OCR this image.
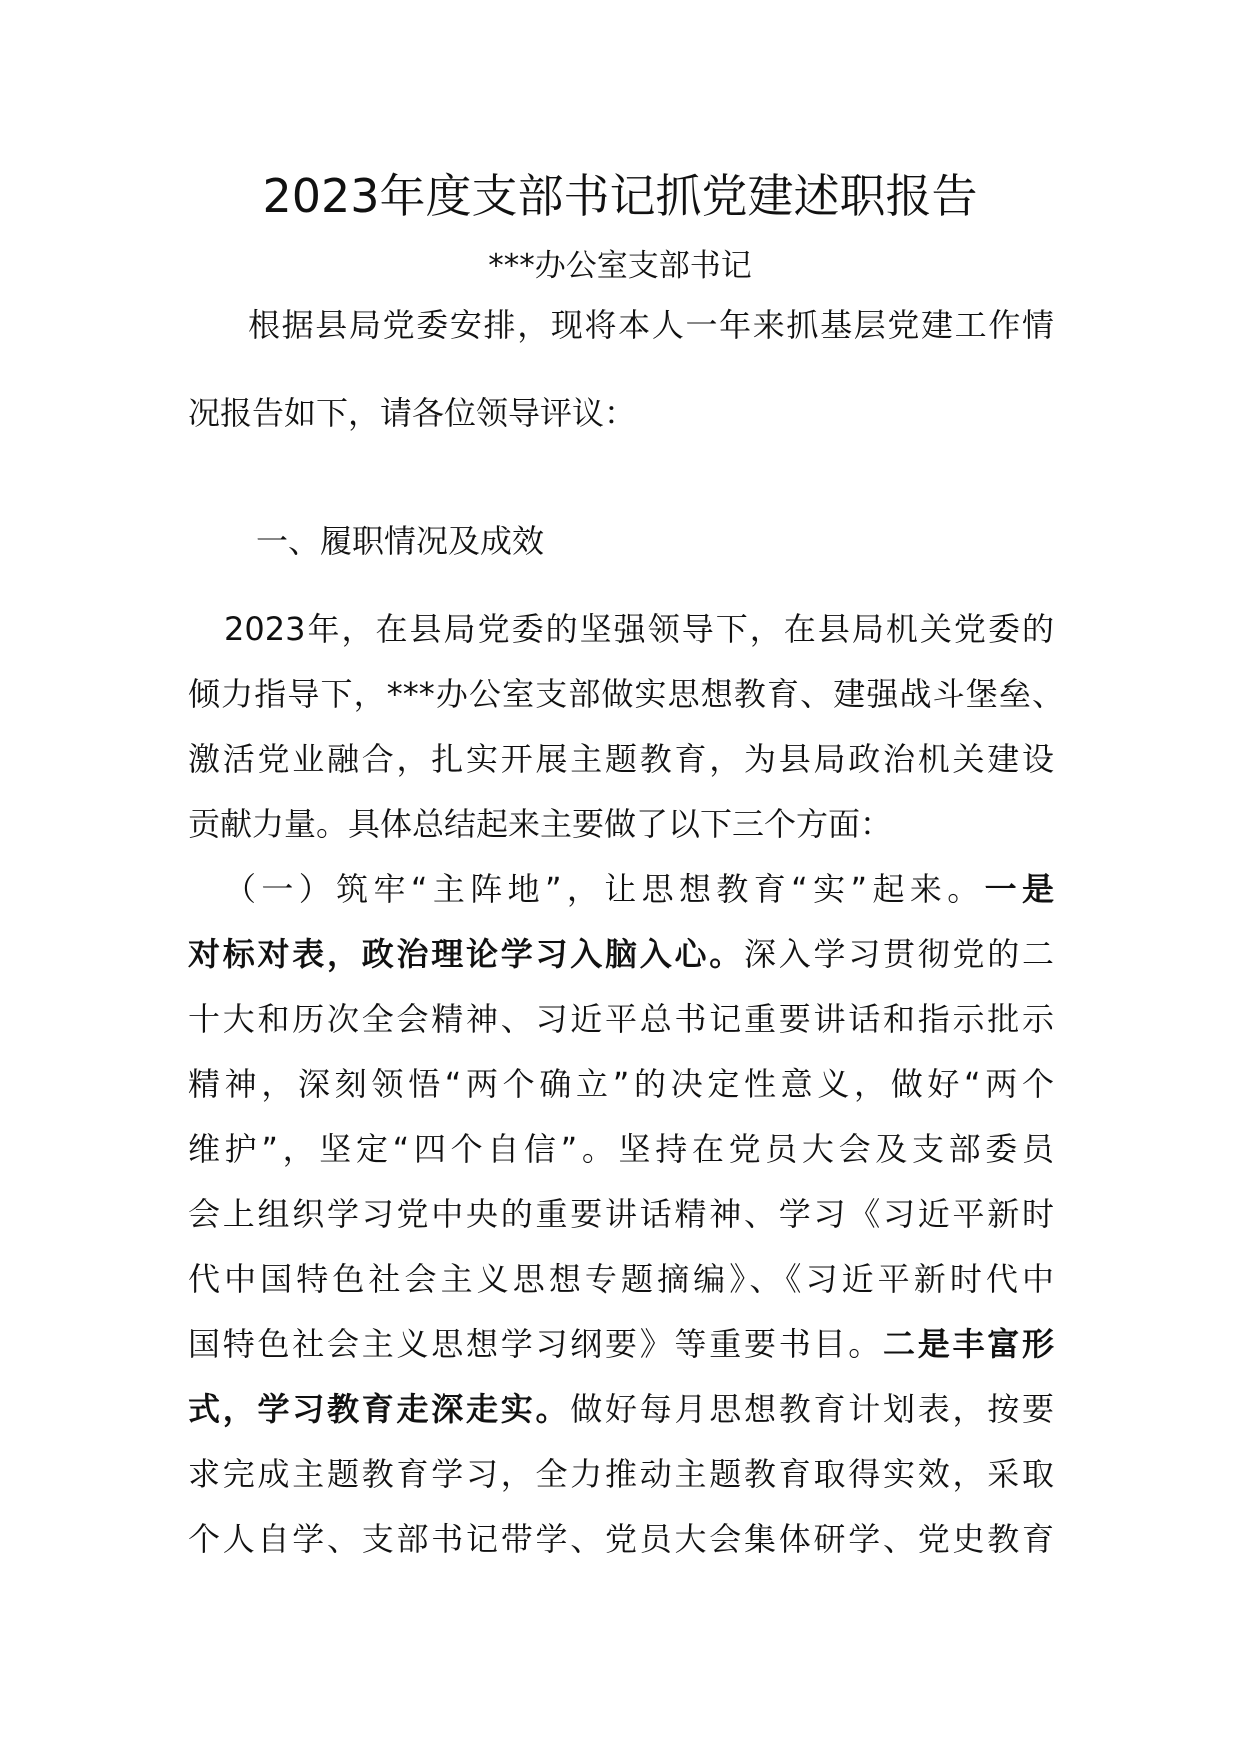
2023年度支部书记抓党建述职报告
***办公室支部书记
根据县局党委安排，现将本人一年来抓基层党建工作情
况报告如下，请各位领导评议：
一、履职情况及成效
2023年，在县局党委的坚强领导下，在县局机关党委的
倾力指导下，***办公室支部做实思想教育、建强战斗堡垒、
激活党业融合，扎实开展主题教育，为县局政治机关建设
贡献力量。具体总结起来主要做了以下三个方面：
（一）筑牢“主阵地”，让思想教育“实”起来。一是
对标对表，政治理论学习入脑入心。深入学习贯彻党的二
十大和历次全会精神、习近平总书记重要讲话和指示批示
精神，深刻领悟“两个确立”的决定性意义，做好“两个
维护”，坚定“四个自信”。坚持在党员大会及支部委员
会上组织学习党中央的重要讲话精神、学习《习近平新时
代中国特色社会主义思想专题摘编》、《习近平新时代中
国特色社会主义思想学习纲要》等重要书目。二是丰富形
式，学习教育走深走实。做好每月思想教育计划表，按要
求完成主题教育学习，全力推动主题教育取得实效，采取
个人自学、支部书记带学、党员大会集体研学、党史教育
